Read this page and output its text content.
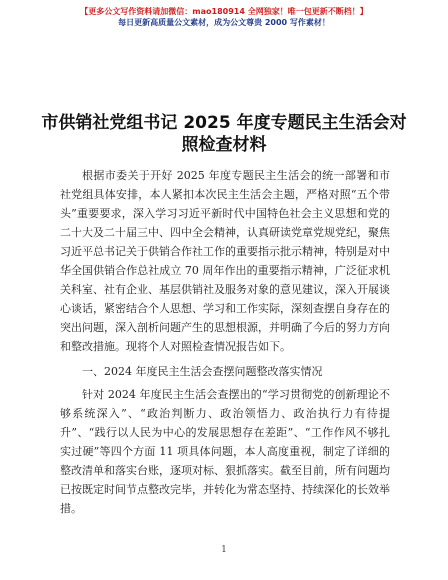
【更多公文写作资料请加微信：mao180914 全网独家！唯一包更新不断档！】
每日更新高质量公文素材，成为公文尊贵 2000 写作素材！
市供销社党组书记 2025 年度专题民主生活会对照检查材料

根据市委关于开好 2025 年度专题民主生活会的统一部署和市社党组具体安排，本人紧扣本次民主生活会主题，严格对照“五个带头”重要要求，深入学习习近平新时代中国特色社会主义思想和党的二十大及二十届三中、四中全会精神，认真研读党章党规党纪，聚焦习近平总书记关于供销合作社工作的重要指示批示精神，特别是对中华全国供销合作总社成立 70 周年作出的重要指示精神，广泛征求机关科室、社有企业、基层供销社及服务对象的意见建议，深入开展谈心谈话，紧密结合个人思想、学习和工作实际，深刻查摆自身存在的突出问题，深入剖析问题产生的思想根源，并明确了今后的努力方向和整改措施。现将个人对照检查情况报告如下。

一、2024 年度民主生活会查摆问题整改落实情况

针对 2024 年度民主生活会查摆出的“学习贯彻党的创新理论不够系统深入”、“政治判断力、政治领悟力、政治执行力有待提升”、“践行以人民为中心的发展思想存在差距”、“工作作风不够扎实过硬”等四个方面 11 项具体问题，本人高度重视，制定了详细的整改清单和落实台账，逐项对标、狠抓落实。截至目前，所有问题均已按既定时间节点整改完毕，并转化为常态坚持、持续深化的长效举措。

1
